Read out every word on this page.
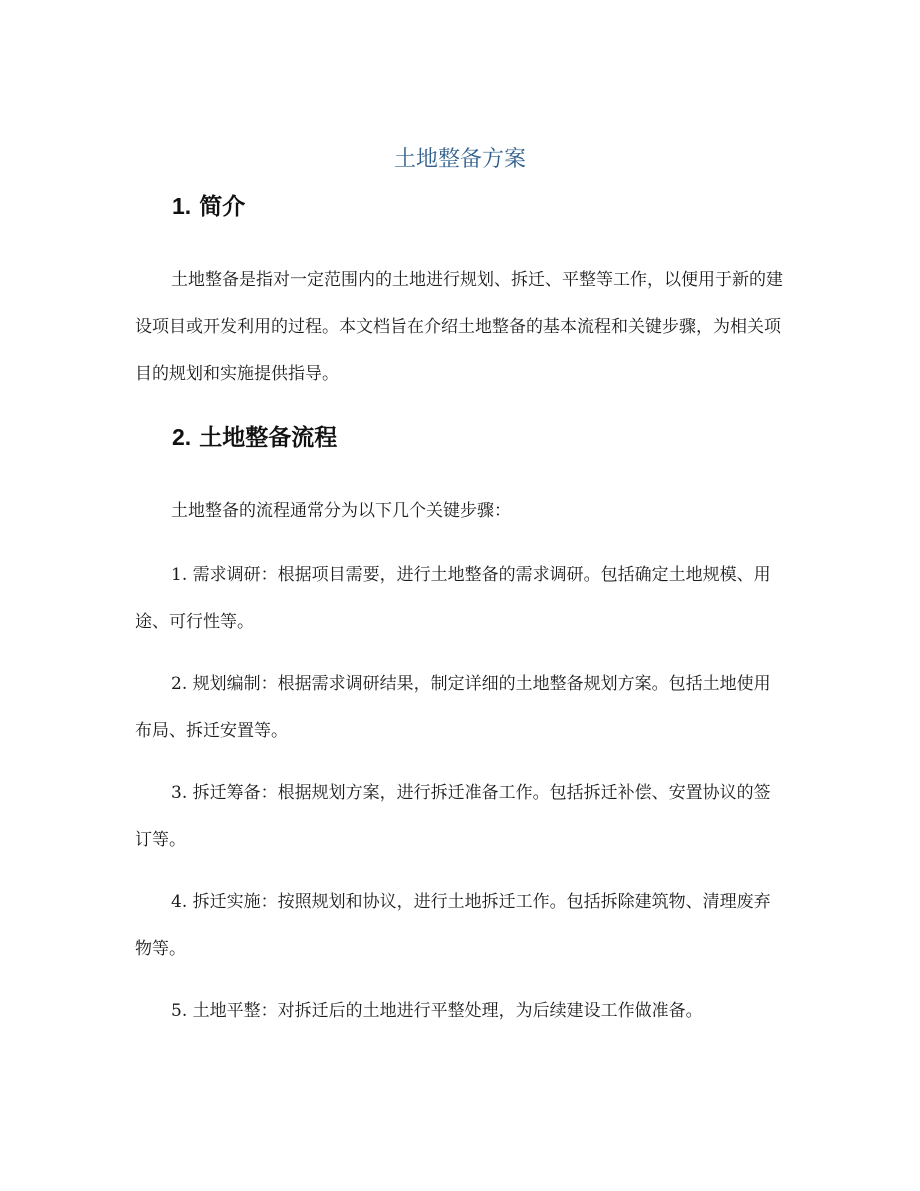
土地整备方案
1. 简介

土地整备是指对一定范围内的土地进行规划、拆迁、平整等工作，以便用于新的建设项目或开发利用的过程。本文档旨在介绍土地整备的基本流程和关键步骤，为相关项目的规划和实施提供指导。

2. 土地整备流程

土地整备的流程通常分为以下几个关键步骤：

1. 需求调研：根据项目需要，进行土地整备的需求调研。包括确定土地规模、用途、可行性等。

2. 规划编制：根据需求调研结果，制定详细的土地整备规划方案。包括土地使用布局、拆迁安置等。

3. 拆迁筹备：根据规划方案，进行拆迁准备工作。包括拆迁补偿、安置协议的签订等。

4. 拆迁实施：按照规划和协议，进行土地拆迁工作。包括拆除建筑物、清理废弃物等。

5. 土地平整：对拆迁后的土地进行平整处理，为后续建设工作做准备。
